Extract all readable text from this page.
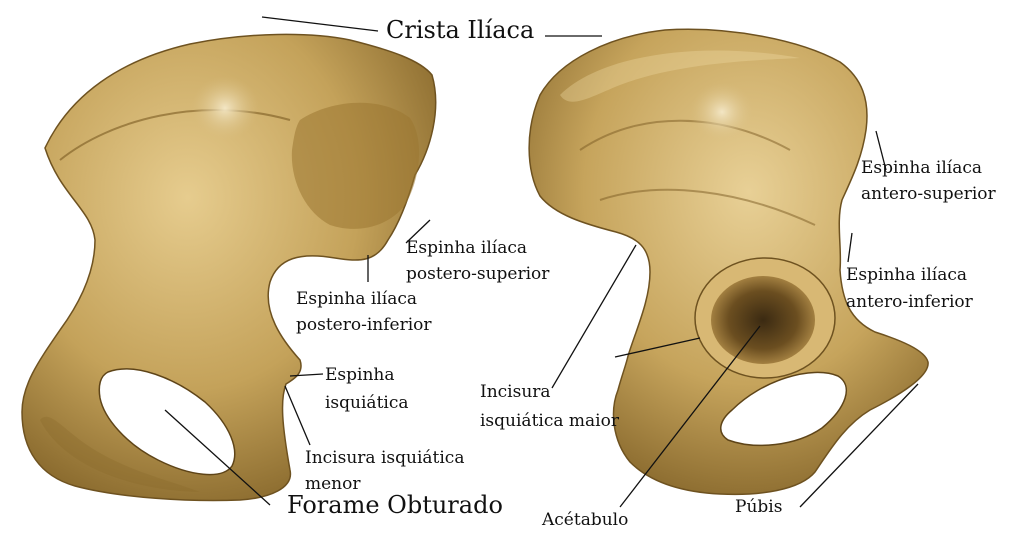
Crista Ilíaca
Espinha ilíaca
postero-superior
Espinha ilíaca
postero-inferior
Espinha
isquiática
Incisura isquiática
menor
Forame Obturado
Espinha ilíaca
antero-superior
Espinha ilíaca
antero-inferior
Incisura
isquiática maior
Acétabulo
Púbis
